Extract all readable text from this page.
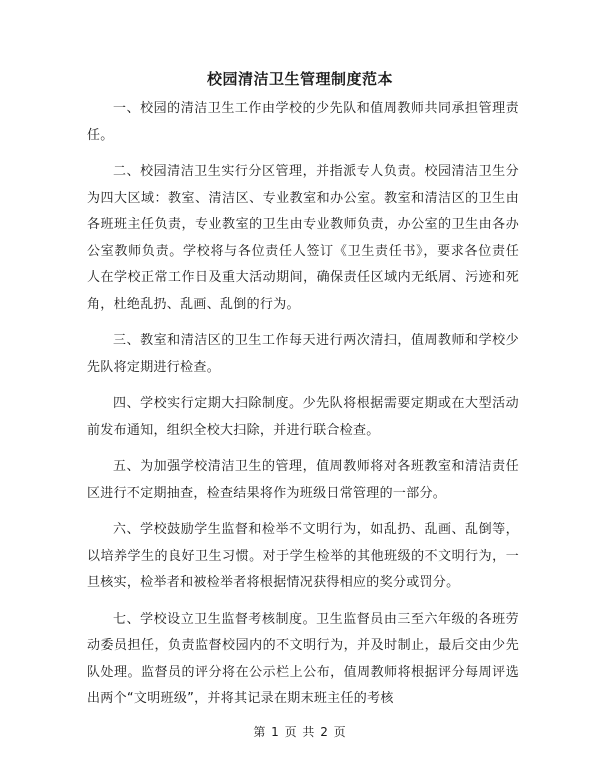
校园清洁卫生管理制度范本

一、校园的清洁卫生工作由学校的少先队和值周教师共同承担管理责任。

二、校园清洁卫生实行分区管理，并指派专人负责。校园清洁卫生分为四大区域：教室、清洁区、专业教室和办公室。教室和清洁区的卫生由各班班主任负责，专业教室的卫生由专业教师负责，办公室的卫生由各办公室教师负责。学校将与各位责任人签订《卫生责任书》，要求各位责任人在学校正常工作日及重大活动期间，确保责任区域内无纸屑、污迹和死角，杜绝乱扔、乱画、乱倒的行为。

三、教室和清洁区的卫生工作每天进行两次清扫，值周教师和学校少先队将定期进行检查。

四、学校实行定期大扫除制度。少先队将根据需要定期或在大型活动前发布通知，组织全校大扫除，并进行联合检查。

五、为加强学校清洁卫生的管理，值周教师将对各班教室和清洁责任区进行不定期抽查，检查结果将作为班级日常管理的一部分。

六、学校鼓励学生监督和检举不文明行为，如乱扔、乱画、乱倒等，以培养学生的良好卫生习惯。对于学生检举的其他班级的不文明行为，一旦核实，检举者和被检举者将根据情况获得相应的奖分或罚分。

七、学校设立卫生监督考核制度。卫生监督员由三至六年级的各班劳动委员担任，负责监督校园内的不文明行为，并及时制止，最后交由少先队处理。监督员的评分将在公示栏上公布，值周教师将根据评分每周评选出两个“文明班级”，并将其记录在期末班主任的考核

第 1 页 共 2 页
